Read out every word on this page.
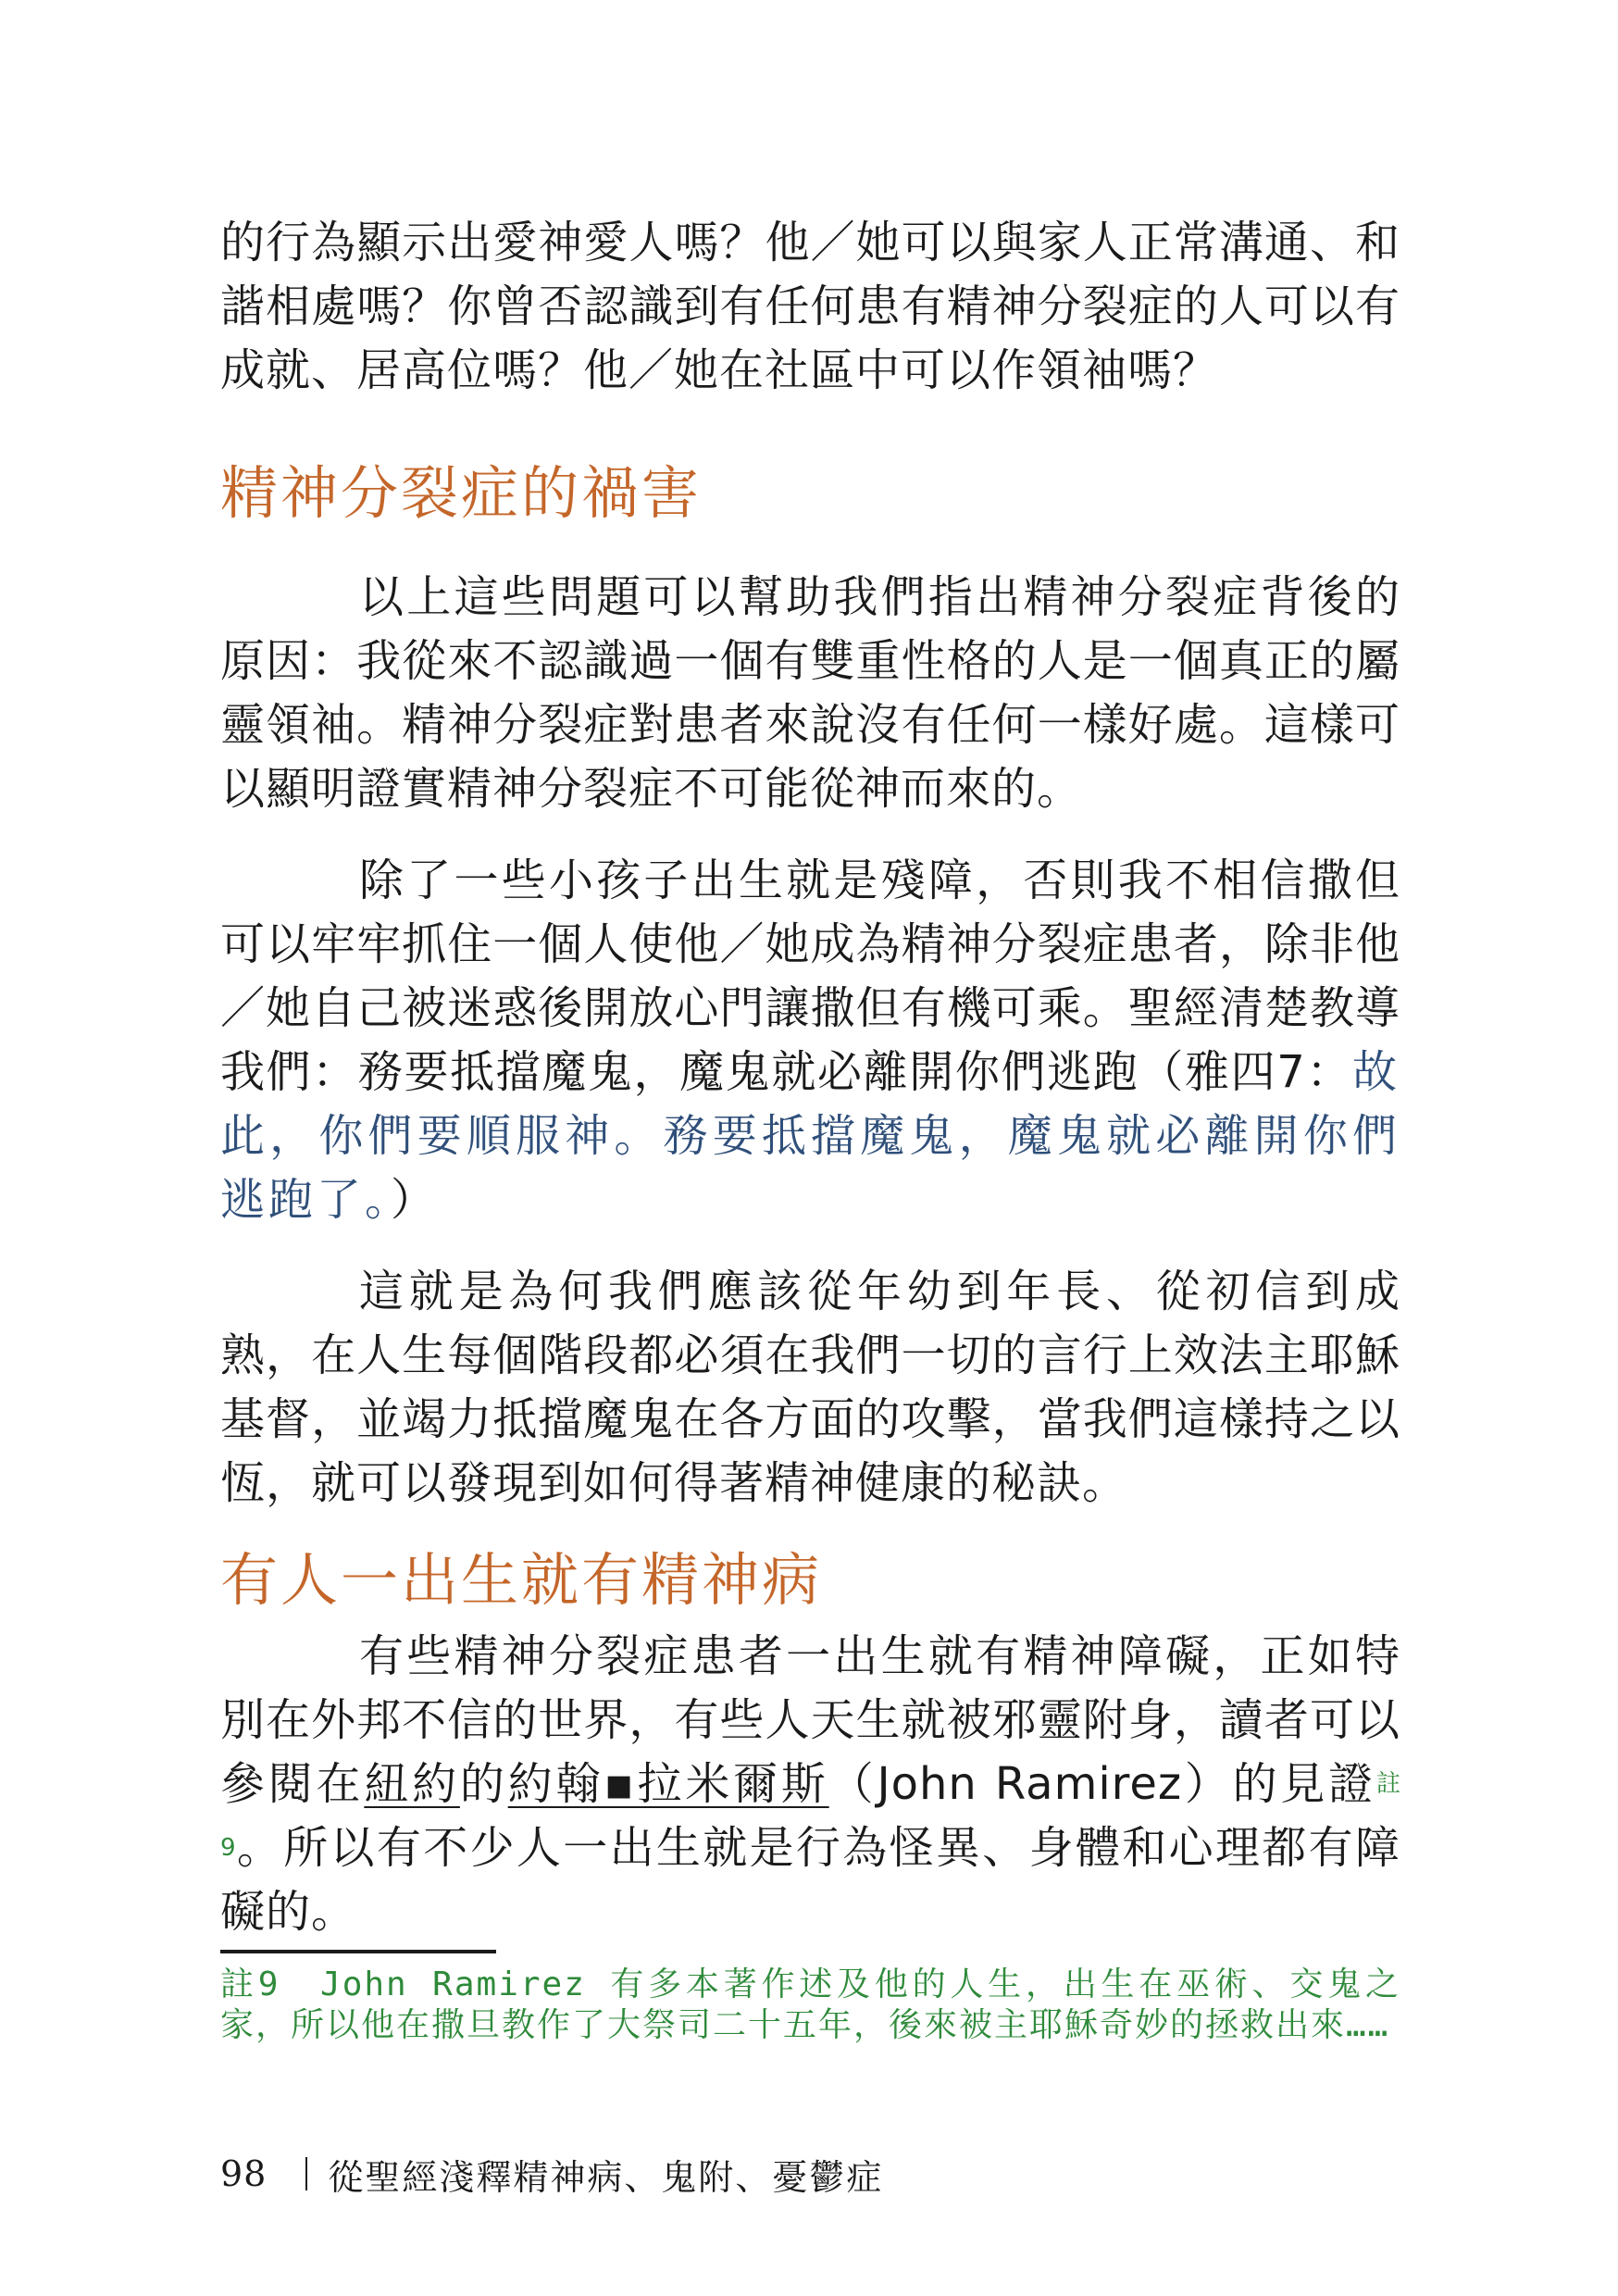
的行為顯示出愛神愛人嗎？他／她可以與家人正常溝通、和諧相處嗎？你曾否認識到有任何患有精神分裂症的人可以有成就、居高位嗎？他／她在社區中可以作領袖嗎？

精神分裂症的禍害

以上這些問題可以幫助我們指出精神分裂症背後的原因：我從來不認識過一個有雙重性格的人是一個真正的屬靈領袖。精神分裂症對患者來說沒有任何一樣好處。這樣可以顯明證實精神分裂症不可能從神而來的。

除了一些小孩子出生就是殘障，否則我不相信撒但可以牢牢抓住一個人使他／她成為精神分裂症患者，除非他／她自己被迷惑後開放心門讓撒但有機可乘。聖經清楚教導我們：務要抵擋魔鬼，魔鬼就必離開你們逃跑（雅四7：故此，你們要順服神。務要抵擋魔鬼，魔鬼就必離開你們逃跑了。）

這就是為何我們應該從年幼到年長、從初信到成熟，在人生每個階段都必須在我們一切的言行上效法主耶穌基督，並竭力抵擋魔鬼在各方面的攻擊，當我們這樣持之以恆，就可以發現到如何得著精神健康的秘訣。

有人一出生就有精神病

有些精神分裂症患者一出生就有精神障礙，正如特別在外邦不信的世界，有些人天生就被邪靈附身，讀者可以參閱在紐約的約翰▪拉米爾斯（John Ramirez）的見證$^{註9}$。所以有不少人一出生就是行為怪異、身體和心理都有障礙的。

註9　John Ramirez 有多本著作述及他的人生，出生在巫術、交鬼之家，所以他在撒旦教作了大祭司二十五年，後來被主耶穌奇妙的拯救出來……

98 從聖經淺釋精神病、鬼附、憂鬱症
